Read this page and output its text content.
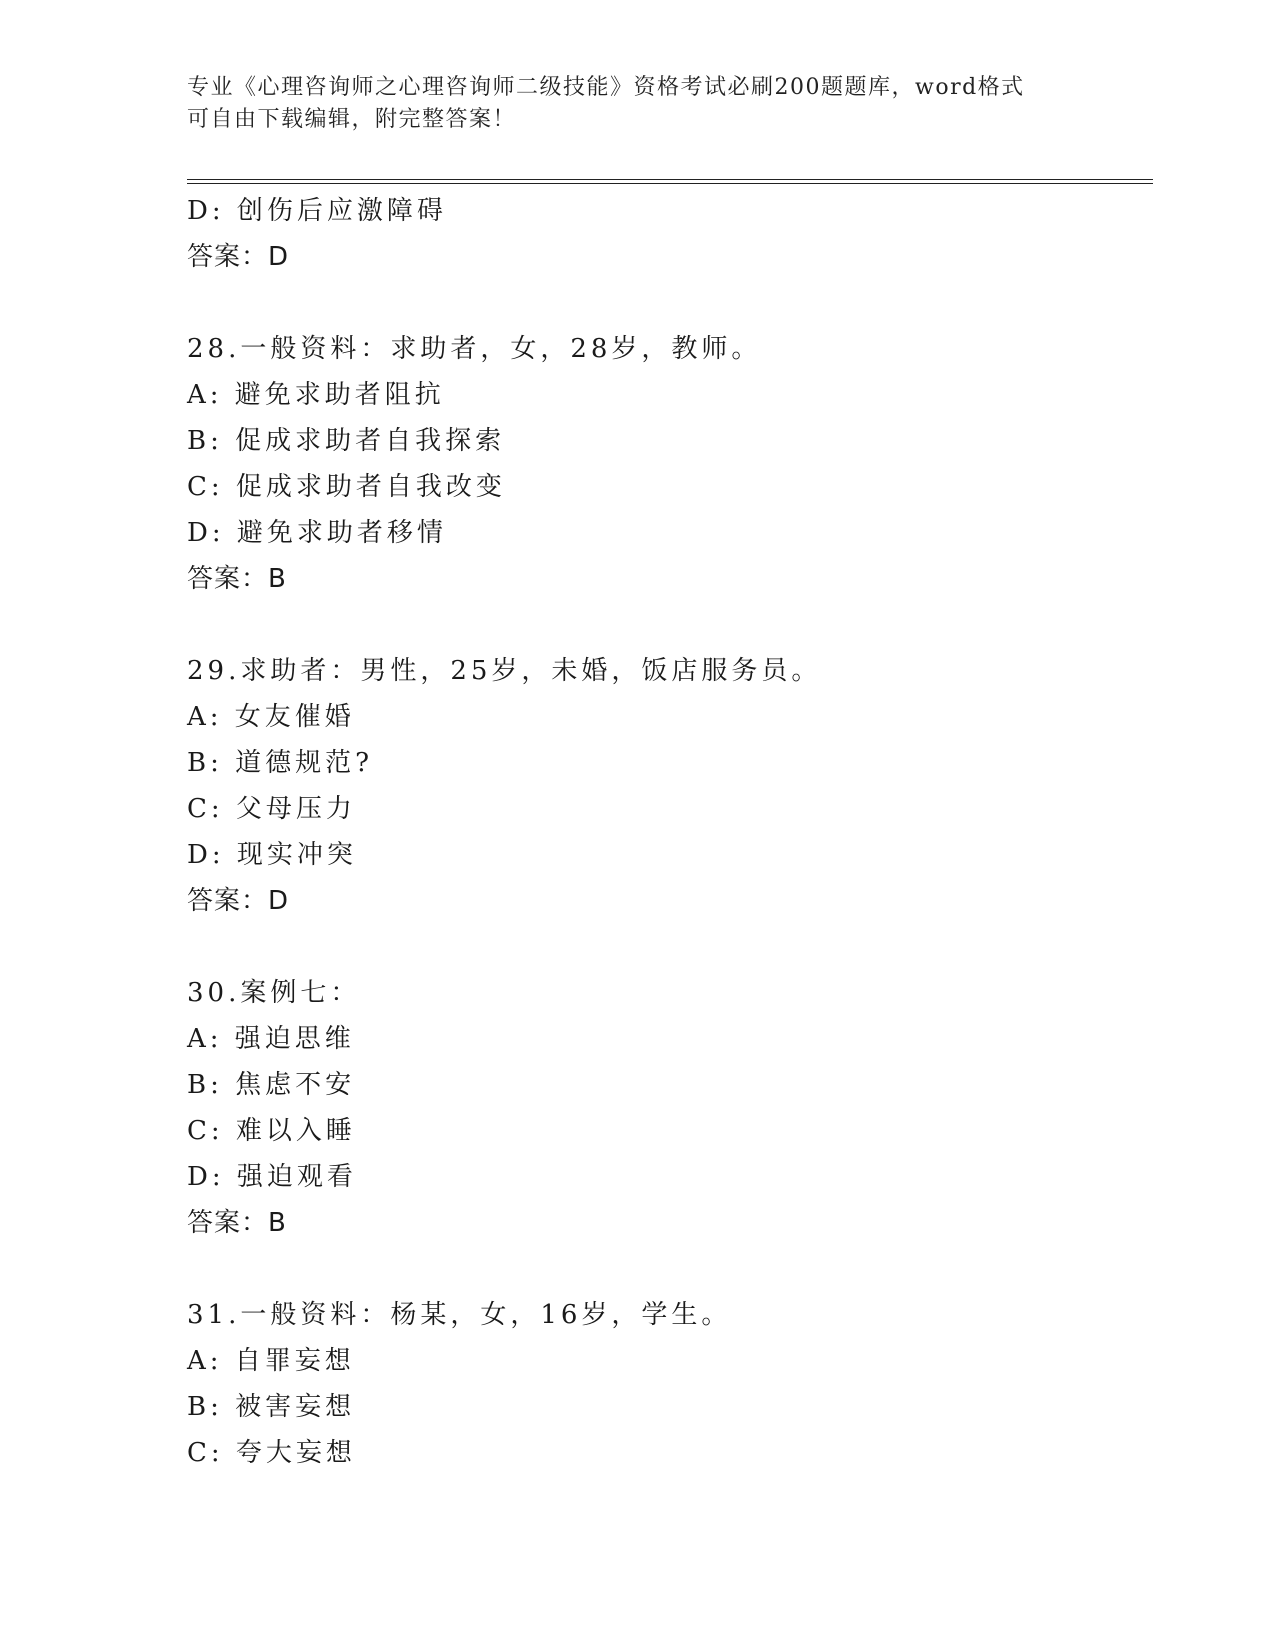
专业《心理咨询师之心理咨询师二级技能》资格考试必刷200题题库，word格式

可自由下载编辑，附完整答案！

D: 创伤后应激障碍

答案：D

28.一般资料：求助者，女，28岁，教师。

A: 避免求助者阻抗

B: 促成求助者自我探索

C: 促成求助者自我改变

D: 避免求助者移情

答案：B

29.求助者：男性，25岁，未婚，饭店服务员。

A: 女友催婚

B: 道德规范?

C: 父母压力

D: 现实冲突

答案：D

30.案例七：

A: 强迫思维

B: 焦虑不安

C: 难以入睡

D: 强迫观看

答案：B

31.一般资料：杨某，女，16岁，学生。

A: 自罪妄想

B: 被害妄想

C: 夸大妄想
